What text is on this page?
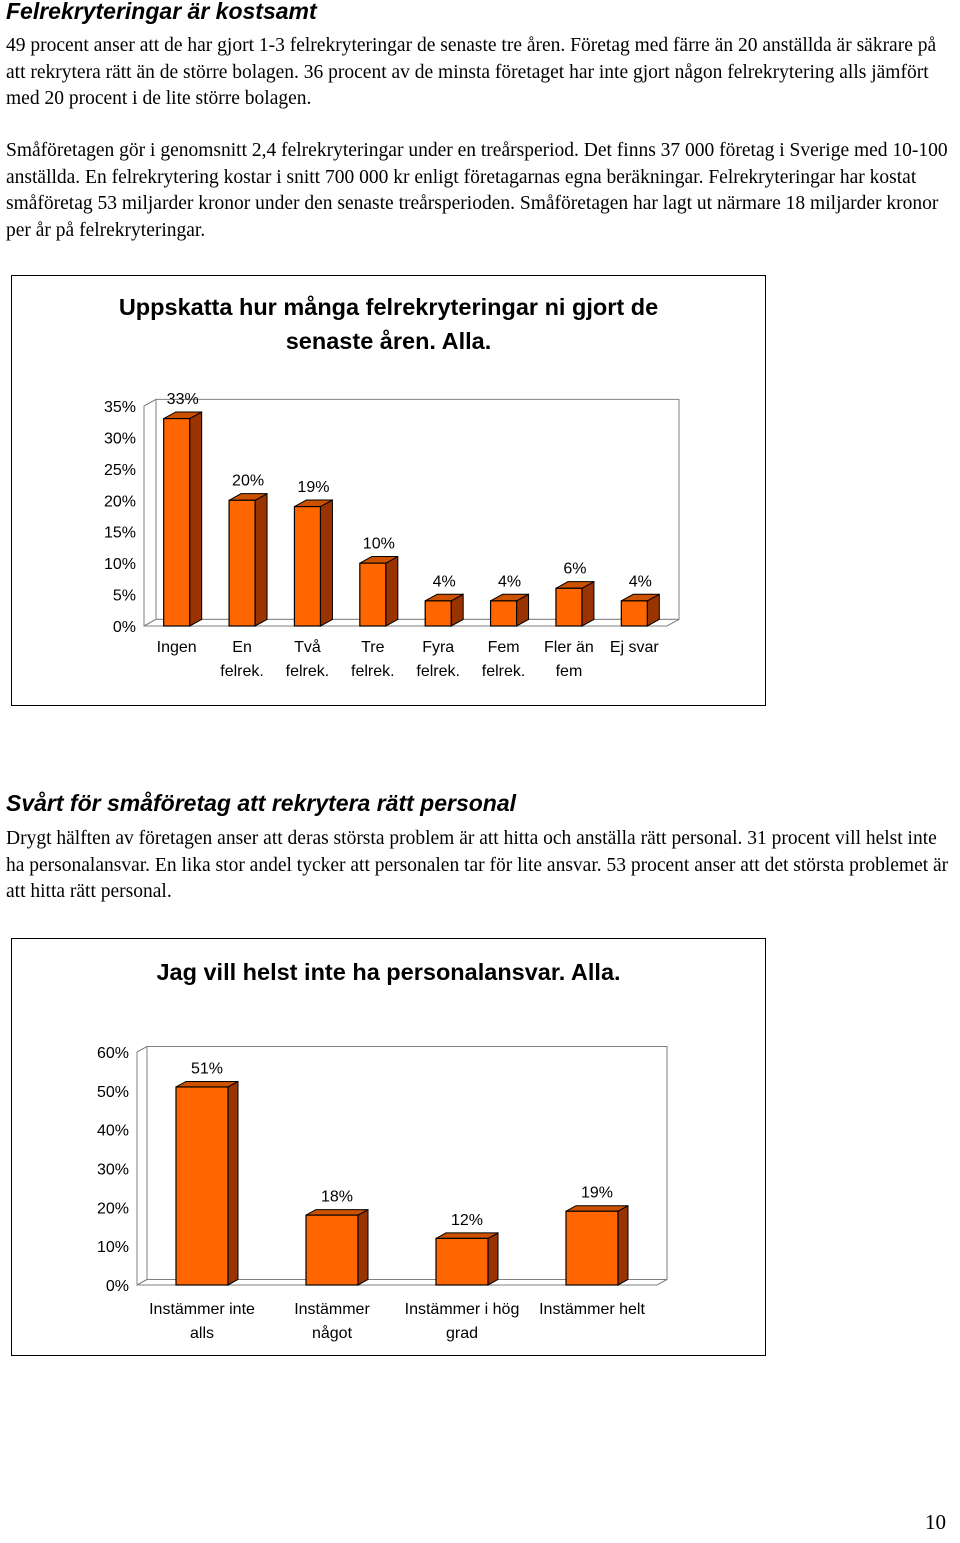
Felrekryteringar är kostsamt

49 procent anser att de har gjort 1-3 felrekryteringar de senaste tre åren. Företag med färre än 20 anställda är säkrare på att rekrytera rätt än de större bolagen. 36 procent av de minsta företaget har inte gjort någon felrekrytering alls jämfört med 20 procent i de lite större bolagen.

Småföretagen gör i genomsnitt 2,4 felrekryteringar under en treårsperiod. Det finns 37 000 företag i Sverige med 10-100 anställda. En felrekrytering kostar i snitt 700 000 kr enligt företagarnas egna beräkningar. Felrekryteringar har kostat småföretag 53 miljarder kronor under den senaste treårsperioden. Småföretagen har lagt ut närmare 18 miljarder kronor per år på felrekryteringar.

Uppskatta hur många felrekryteringar ni gjort de
senaste åren. Alla.
0%
5%
10%
15%
20%
25%
30%
35% 33%
Ingen
20%
En felrek.
19%
Två felrek.
10%
Tre felrek.
4%
Fyra felrek.
4%
Fem felrek.
6%
Fler än fem
4%
Ej svar
Svårt för småföretag att rekrytera rätt personal

Drygt hälften av företagen anser att deras största problem är att hitta och anställa rätt personal. 31 procent vill helst inte ha personalansvar. En lika stor andel tycker att personalen tar för lite ansvar. 53 procent anser att det största problemet är att hitta rätt personal.

Jag vill helst inte ha personalansvar. Alla.
0%
10%
20%
30%
40%
50%
60%
51%
Instämmer inte alls
18%
Instämmer något
12%
Instämmer i hög grad
19%
Instämmer helt
10
